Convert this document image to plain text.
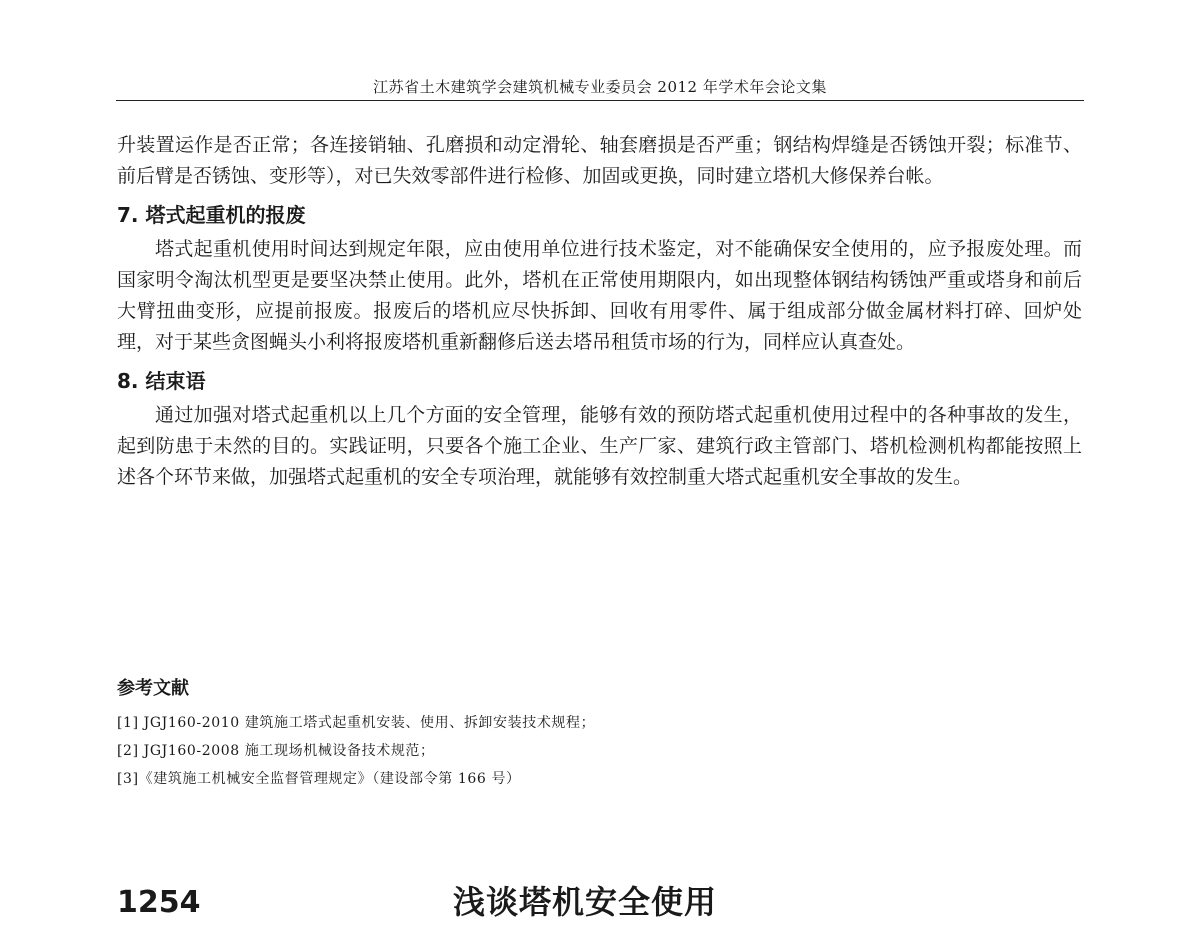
江苏省土木建筑学会建筑机械专业委员会 2012 年学术年会论文集

升装置运作是否正常；各连接销轴、孔磨损和动定滑轮、轴套磨损是否严重；钢结构焊缝是否锈蚀开裂；标准节、前后臂是否锈蚀、变形等），对已失效零部件进行检修、加固或更换，同时建立塔机大修保养台帐。

7. 塔式起重机的报废

塔式起重机使用时间达到规定年限，应由使用单位进行技术鉴定，对不能确保安全使用的，应予报废处理。而国家明令淘汰机型更是要坚决禁止使用。此外，塔机在正常使用期限内，如出现整体钢结构锈蚀严重或塔身和前后大臂扭曲变形，应提前报废。报废后的塔机应尽快拆卸、回收有用零件、属于组成部分做金属材料打碎、回炉处理，对于某些贪图蝇头小利将报废塔机重新翻修后送去塔吊租赁市场的行为，同样应认真查处。

8. 结束语

通过加强对塔式起重机以上几个方面的安全管理，能够有效的预防塔式起重机使用过程中的各种事故的发生，起到防患于未然的目的。实践证明，只要各个施工企业、生产厂家、建筑行政主管部门、塔机检测机构都能按照上述各个环节来做，加强塔式起重机的安全专项治理，就能够有效控制重大塔式起重机安全事故的发生。

参考文献
[1] JGJ160-2010 建筑施工塔式起重机安装、使用、拆卸安装技术规程；
[2] JGJ160-2008 施工现场机械设备技术规范；
[3]《建筑施工机械安全监督管理规定》（建设部令第 166 号）
1254	浅谈塔机安全使用
